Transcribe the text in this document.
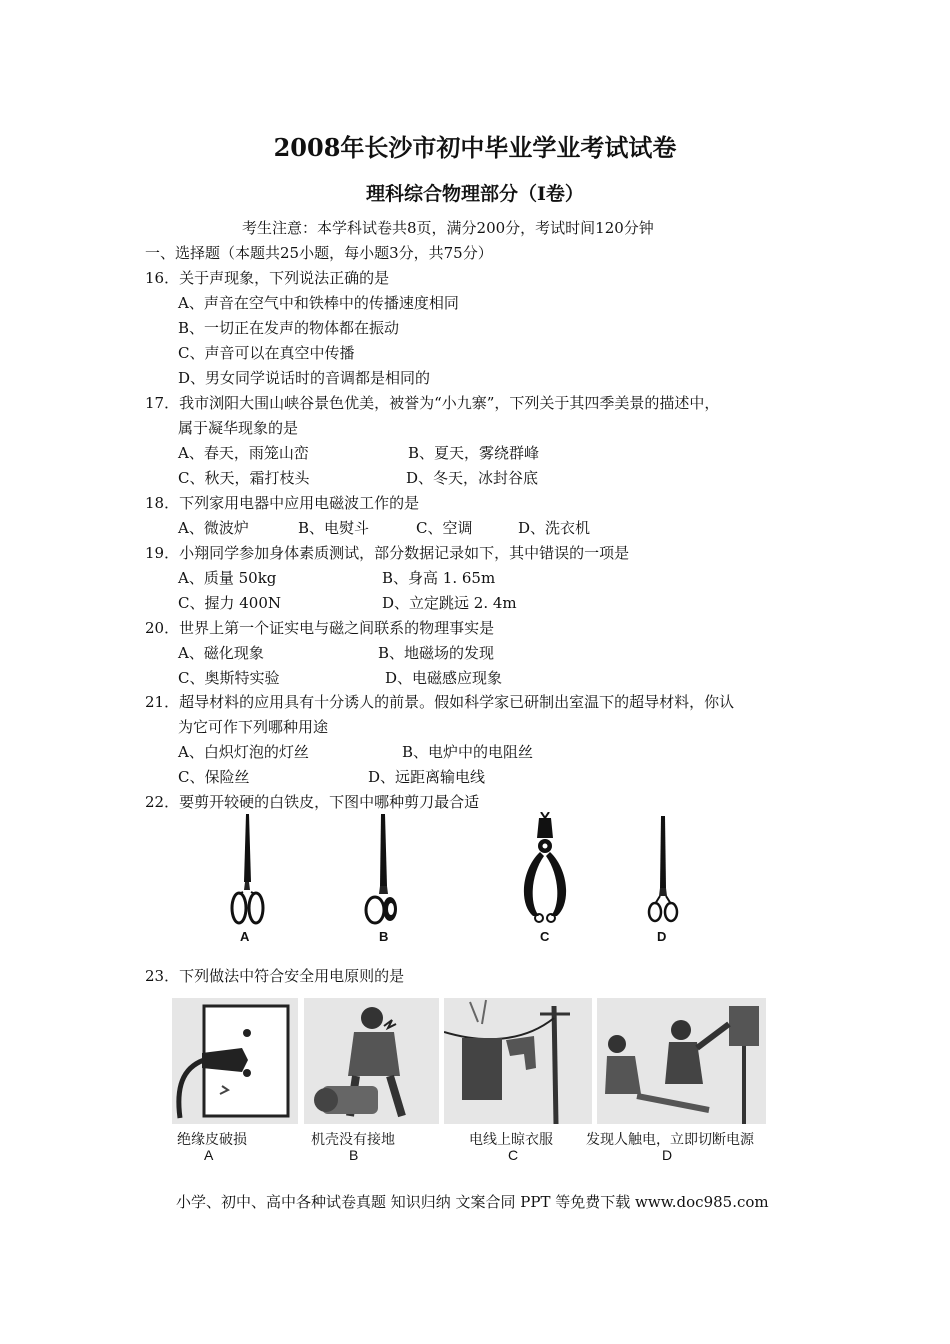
2008年长沙市初中毕业学业考试试卷
理科综合物理部分（Ⅰ卷）
考生注意：本学科试卷共8页，满分200分，考试时间120分钟
一、选择题（本题共25小题，每小题3分，共75分）
16．关于声现象，下列说法正确的是
A、声音在空气中和铁棒中的传播速度相同
B、一切正在发声的物体都在振动
C、声音可以在真空中传播
D、男女同学说话时的音调都是相同的
17．我市浏阳大围山峡谷景色优美，被誉为“小九寨”，下列关于其四季美景的描述中，
属于凝华现象的是
A、春天，雨笼山峦	B、夏天，雾绕群峰
C、秋天，霜打枝头	D、冬天，冰封谷底
18．下列家用电器中应用电磁波工作的是
A、微波炉	B、电熨斗	C、空调	D、洗衣机
19．小翔同学参加身体素质测试，部分数据记录如下，其中错误的一项是
A、质量 50kg	B、身高 1. 65m
C、握力 400N	D、立定跳远 2. 4m
20．世界上第一个证实电与磁之间联系的物理事实是
A、磁化现象	B、地磁场的发现
C、奥斯特实验	D、电磁感应现象
21．超导材料的应用具有十分诱人的前景。假如科学家已研制出室温下的超导材料，你认
为它可作下列哪种用途
A、白炽灯泡的灯丝	B、电炉中的电阻丝
C、保险丝	D、远距离输电线
22．要剪开较硬的白铁皮，下图中哪种剪刀最合适
A	B	C	D
23．下列做法中符合安全用电原则的是
绝缘皮破损	机壳没有接地	电线上晾衣服 发现人触电，立即切断电源
A	B	C	D
小学、初中、高中各种试卷真题 知识归纳 文案合同 PPT 等免费下载 www.doc985.com
